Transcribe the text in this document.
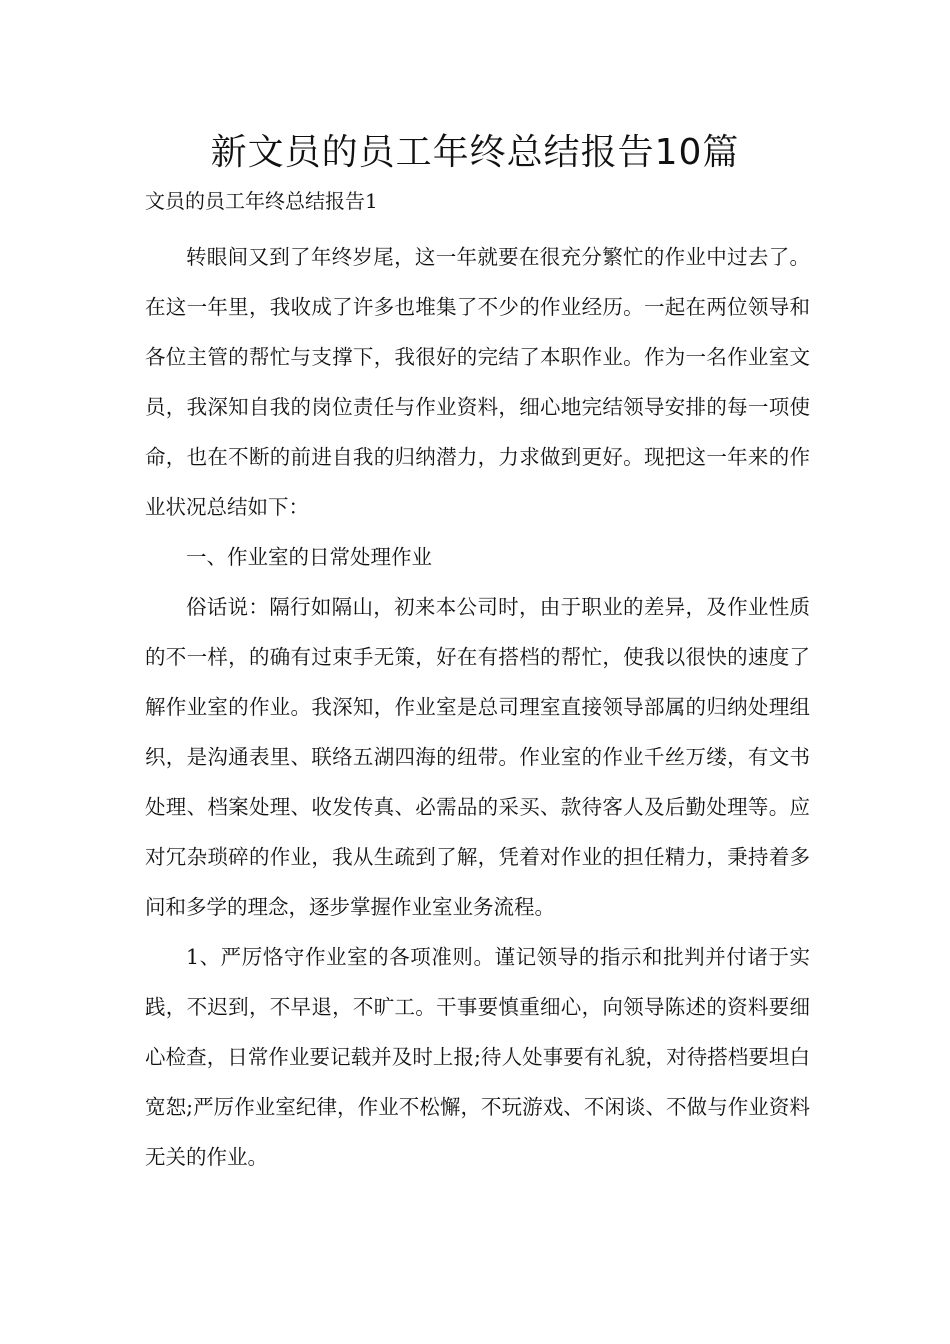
新文员的员工年终总结报告10篇

文员的员工年终总结报告1

转眼间又到了年终岁尾，这一年就要在很充分繁忙的作业中过去了。在这一年里，我收成了许多也堆集了不少的作业经历。一起在两位领导和各位主管的帮忙与支撑下，我很好的完结了本职作业。作为一名作业室文员，我深知自我的岗位责任与作业资料，细心地完结领导安排的每一项使命，也在不断的前进自我的归纳潜力，力求做到更好。现把这一年来的作业状况总结如下：

一、作业室的日常处理作业

俗话说：隔行如隔山，初来本公司时，由于职业的差异，及作业性质的不一样，的确有过束手无策，好在有搭档的帮忙，使我以很快的速度了解作业室的作业。我深知，作业室是总司理室直接领导部属的归纳处理组织，是沟通表里、联络五湖四海的纽带。作业室的作业千丝万缕，有文书处理、档案处理、收发传真、必需品的采买、款待客人及后勤处理等。应对冗杂琐碎的作业，我从生疏到了解，凭着对作业的担任精力，秉持着多问和多学的理念，逐步掌握作业室业务流程。

1、严厉恪守作业室的各项准则。谨记领导的指示和批判并付诸于实践，不迟到，不早退，不旷工。干事要慎重细心，向领导陈述的资料要细心检查，日常作业要记载并及时上报;待人处事要有礼貌，对待搭档要坦白宽恕;严厉作业室纪律，作业不松懈，不玩游戏、不闲谈、不做与作业资料无关的作业。
